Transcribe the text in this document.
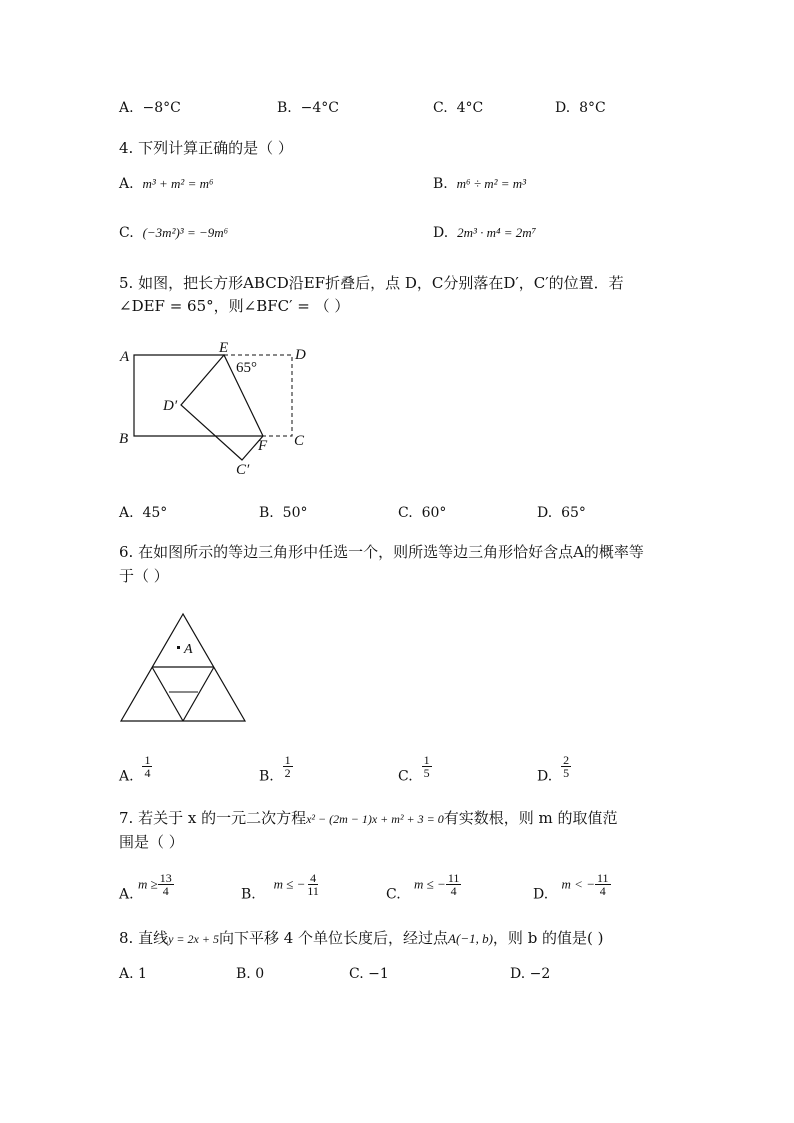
A. −8°C	B. −4°C	C. 4°C	D. 8°C
4. 下列计算正确的是（ ）
A. m³ + m² = m⁶	B. m⁶ ÷ m² = m³
C. (−3m²)³ = −9m⁶	D. 2m³ · m⁴ = 2m⁷
5. 如图，把长方形ABCD沿EF折叠后，点 D，C分别落在D′，C′的位置．若
∠DEF = 65°，则∠BFC′ = （ ）
A
E	D
65°
D′
B	F C
C′
A. 45°	B. 50°	C. 60°	D. 65°
6. 在如图所示的等边三角形中任选一个，则所选等边三角形恰好含点A的概率等
于（ ）
A
A. $\frac{1}{4}$	B. $\frac{1}{2}$	C. $\frac{1}{5}$	D. $\frac{2}{5}$
7. 若关于 x 的一元二次方程x² − (2m − 1)x + m² + 3 = 0有实数根，则 m 的取值范
围是（ ）
A. $m \ge \frac{13}{4}$	B.    m ≤ − $\frac{4}{11}$	C.   m ≤ − $\frac{11}{4}$	D.   m < − $\frac{11}{4}$
8. 直线y = 2x + 5向下平移 4 个单位长度后，经过点A(−1, b)，则 b 的值是( )
A. 1	B. 0	C. −1	D. −2
